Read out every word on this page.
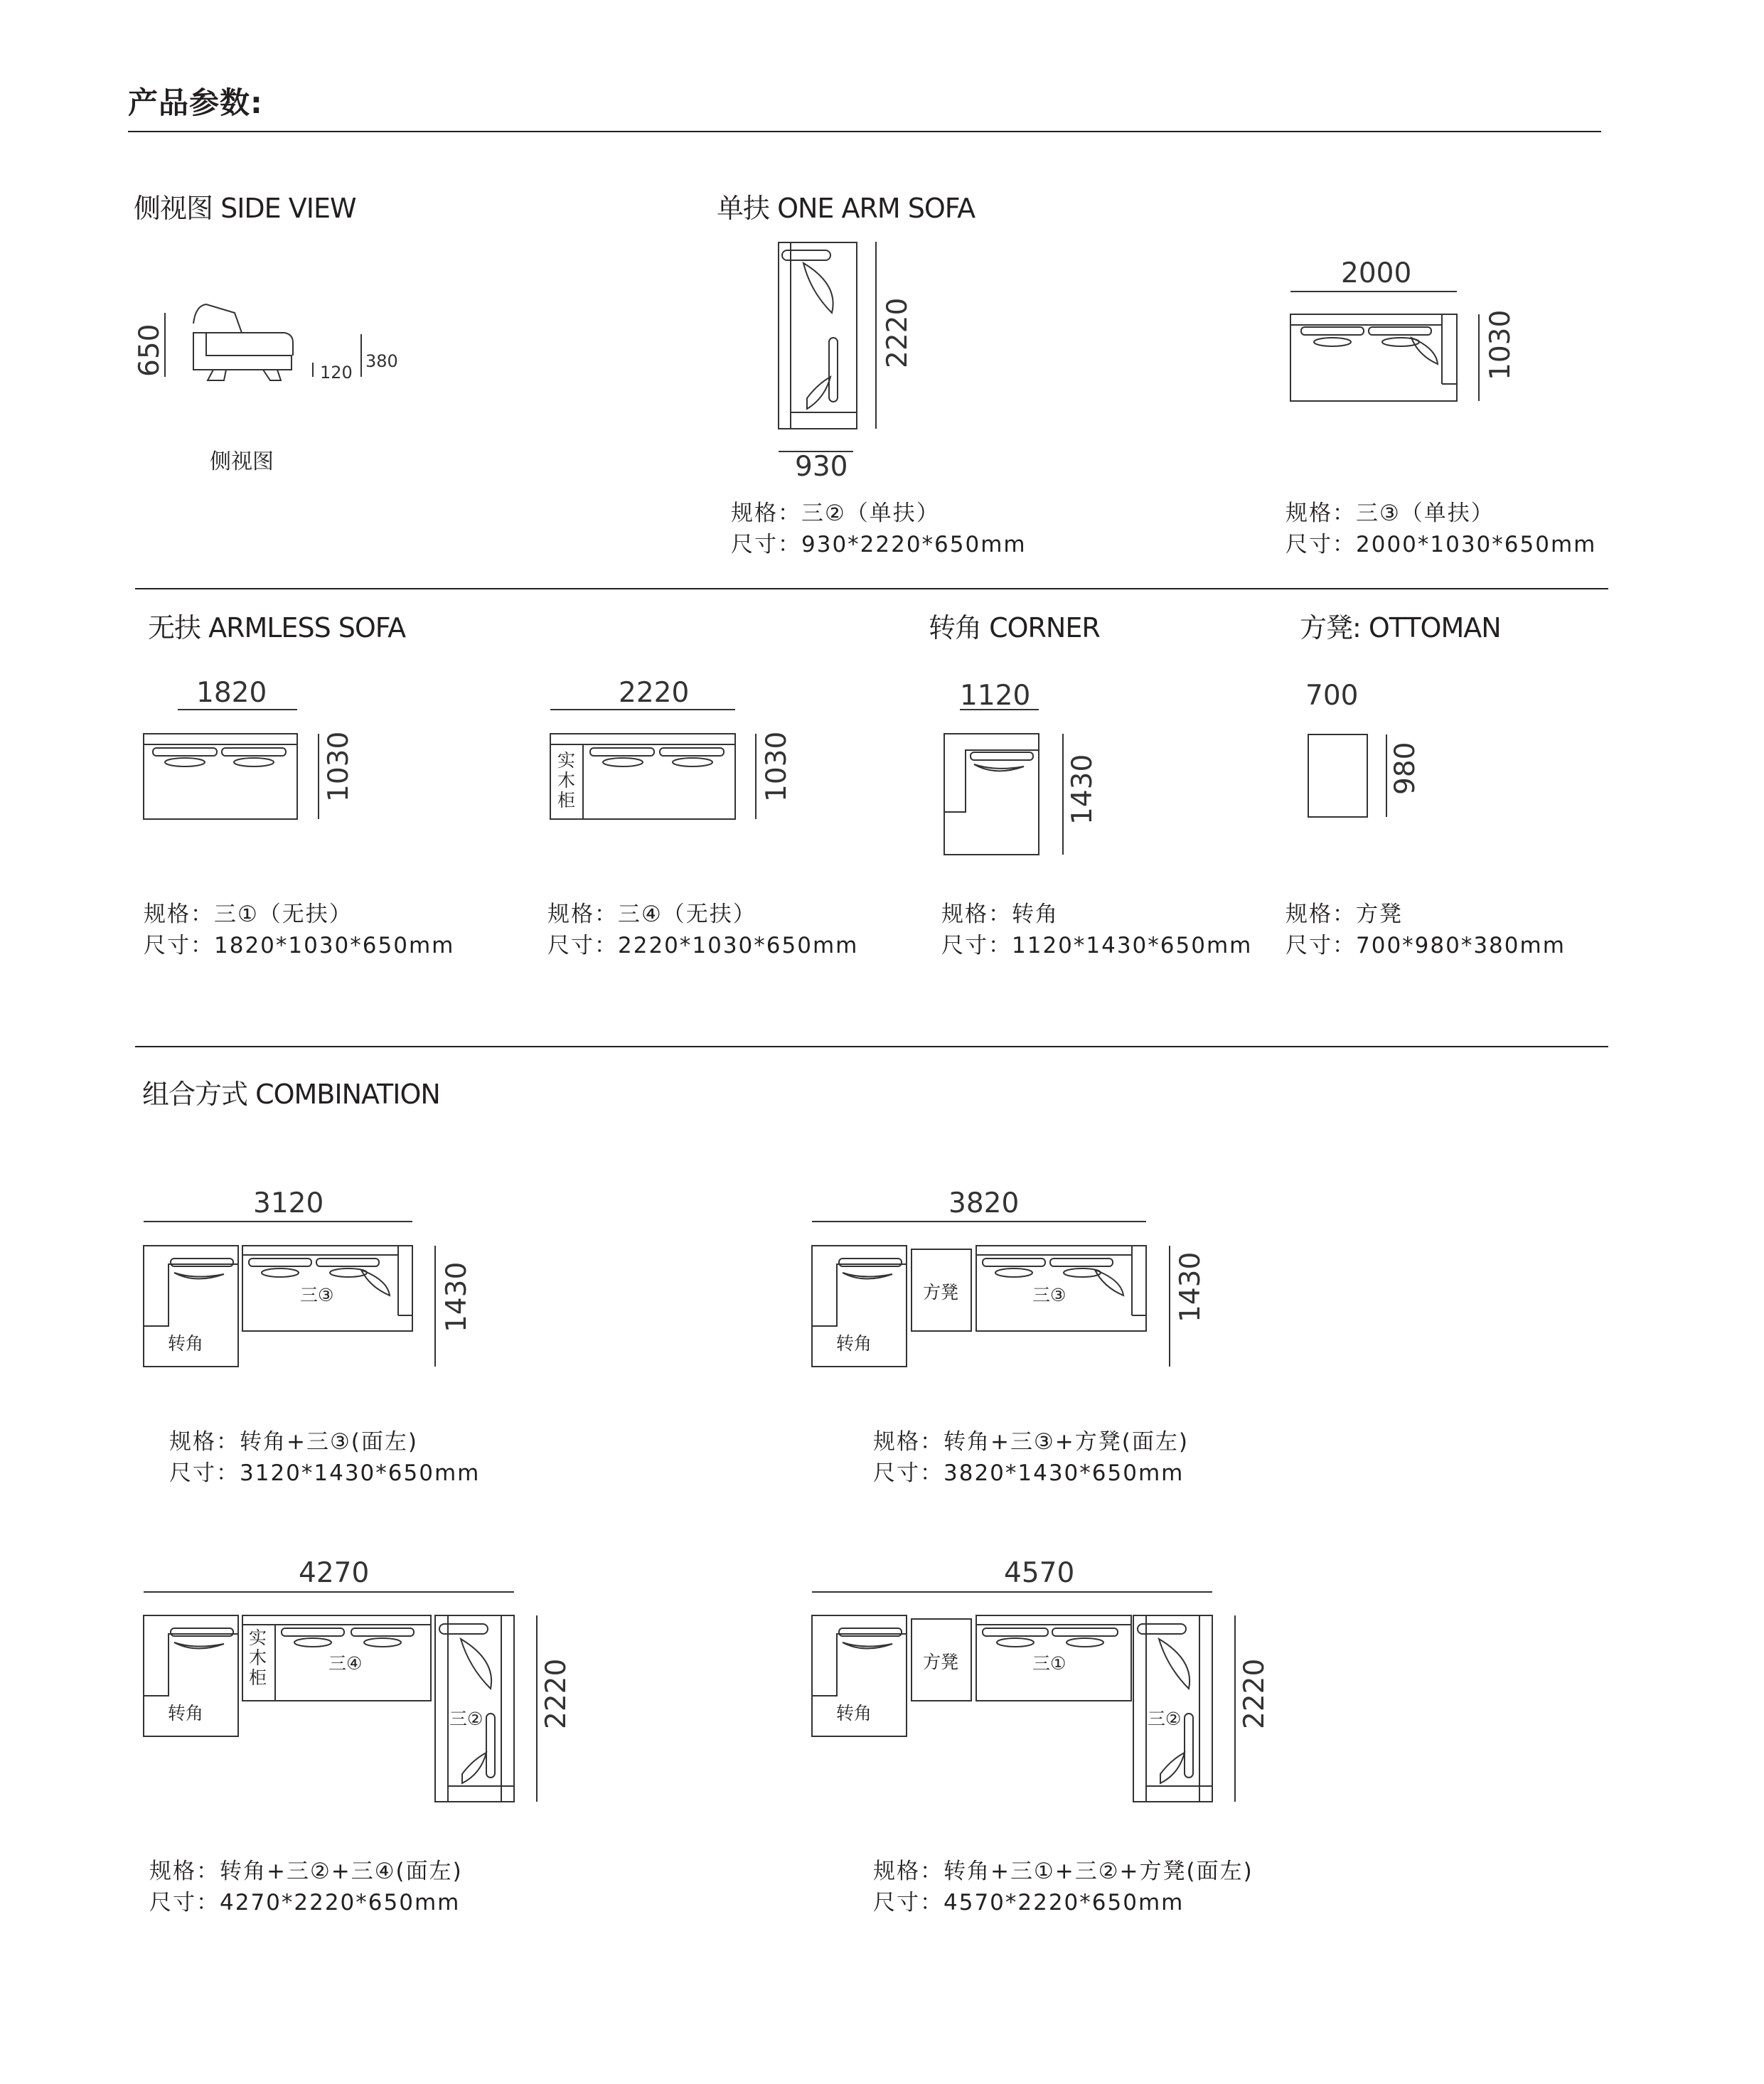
产品参数:
侧视图 SIDE VIEW
650	120
380
侧视图
单扶 ONE ARM SOFA
2220
930
规格：三②（单扶）
尺寸：930*2220*650mm
2000
1030
规格：三③（单扶）
尺寸：2000*1030*650mm
无扶 ARMLESS SOFA
1820
1030
规格：三①（无扶）
尺寸：1820*1030*650mm
2220
实木柜	1030
规格：三④（无扶）
尺寸：2220*1030*650mm
转角 CORNER
1120
1430
规格：转角
尺寸：1120*1430*650mm
方凳: OTTOMAN
700
980
规格：方凳
尺寸：700*980*380mm
组合方式 COMBINATION
3120
1430
转角
三③
规格：转角+三③(面左)
尺寸：3120*1430*650mm
3820
1430
转角
方凳	三③
规格：转角+三③+方凳(面左)
尺寸：3820*1430*650mm
4270
2220
转角
实木柜
三④
三②
规格：转角+三②+三④(面左)
尺寸：4270*2220*650mm
4570
2220
转角
方凳	三①
三②
规格：转角+三①+三②+方凳(面左)
尺寸：4570*2220*650mm
